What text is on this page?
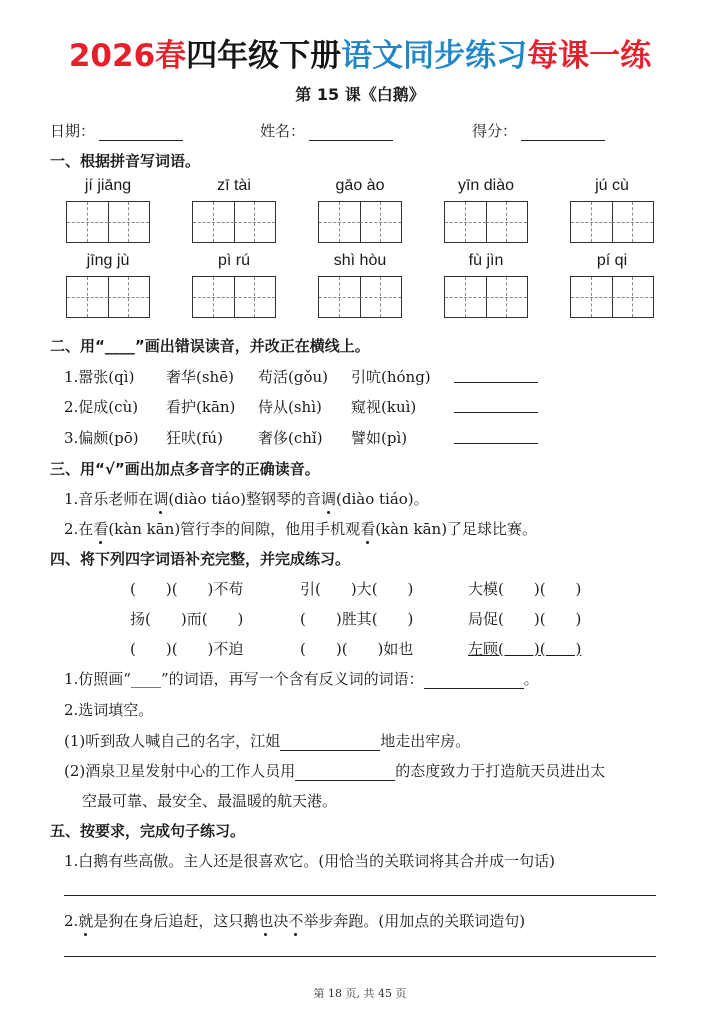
2026春四年级下册语文同步练习每课一练
第 15 课《白鹅》
日期：	姓名：	得分：
一、根据拼音写词语。
jí jiāng	zī tài	gāo ào	yīn diào	jú cù
jīng jù	pì rú	shì hòu	fù jìn	pí qi
二、用“____”画出错误读音，并改正在横线上。
1.嚣张(qì) 奢华(shē) 苟活(gǒu) 引吭(hóng)
2.促成(cù) 看护(kān) 侍从(shì) 窥视(kuì)
3.偏颇(pō) 狂吠(fú) 奢侈(chǐ) 譬如(pì)
三、用“√”画出加点多音字的正确读音。
1.音乐老师在调(diào tiáo)整钢琴的音调(diào tiáo)。
2.在看(kàn kān)管行李的间隙，他用手机观看(kàn kān)了足球比赛。
四、将下列四字词语补充完整，并完成练习。
(　　)(　　)不苟	引(　　)大(　　)	大模(　　)(　　)
扬(　　)而(　　)	(　　)胜其(　　)	局促(　　)(　　)
(　　)(　　)不迫	(　　)(　　)如也	左顾(　　)(　　)
1.仿照画“____”的词语，再写一个含有反义词的词语：	。
2.选词填空。
(1)听到敌人喊自己的名字，江姐	地走出牢房。
(2)酒泉卫星发射中心的工作人员用	的态度致力于打造航天员进出太
空最可靠、最安全、最温暖的航天港。
五、按要求，完成句子练习。
1.白鹅有些高傲。主人还是很喜欢它。(用恰当的关联词将其合并成一句话)
2.就是狗在身后追赶，这只鹅也决不举步奔跑。(用加点的关联词造句)
第 18 页, 共 45 页
